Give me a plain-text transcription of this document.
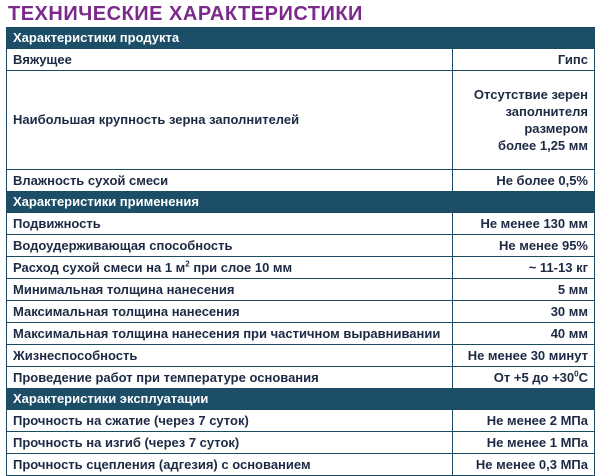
ТЕХНИЧЕСКИЕ ХАРАКТЕРИСТИКИ
Характеристики продукта	
Вяжущее	Гипс
Наибольшая крупность зерна заполнителей	Отсутствие зерен
заполнителя
размером
более 1,25 мм

Влажность сухой смеси	Не более 0,5%
Характеристики применения	
Подвижность	Не менее 130 мм
Водоудерживающая способность	Не менее 95%
Расход сухой смеси на 1 $м^2$ при слое 10 мм	~ 11-13 кг
Минимальная толщина нанесения	5 мм
Максимальная толщина нанесения	30 мм
Максимальная толщина нанесения при частичном выравнивании	40 мм
Жизнеспособность	Не менее 30 минут
Проведение работ при температуре основания	От +5 до $+30^0С$
Характеристики эксплуатации	
Прочность на сжатие (через 7 суток)	Не менее 2 МПа
Прочность на изгиб (через 7 суток)	Не менее 1 МПа
Прочность сцепления (адгезия) с основанием	Не менее 0,3 МПа
